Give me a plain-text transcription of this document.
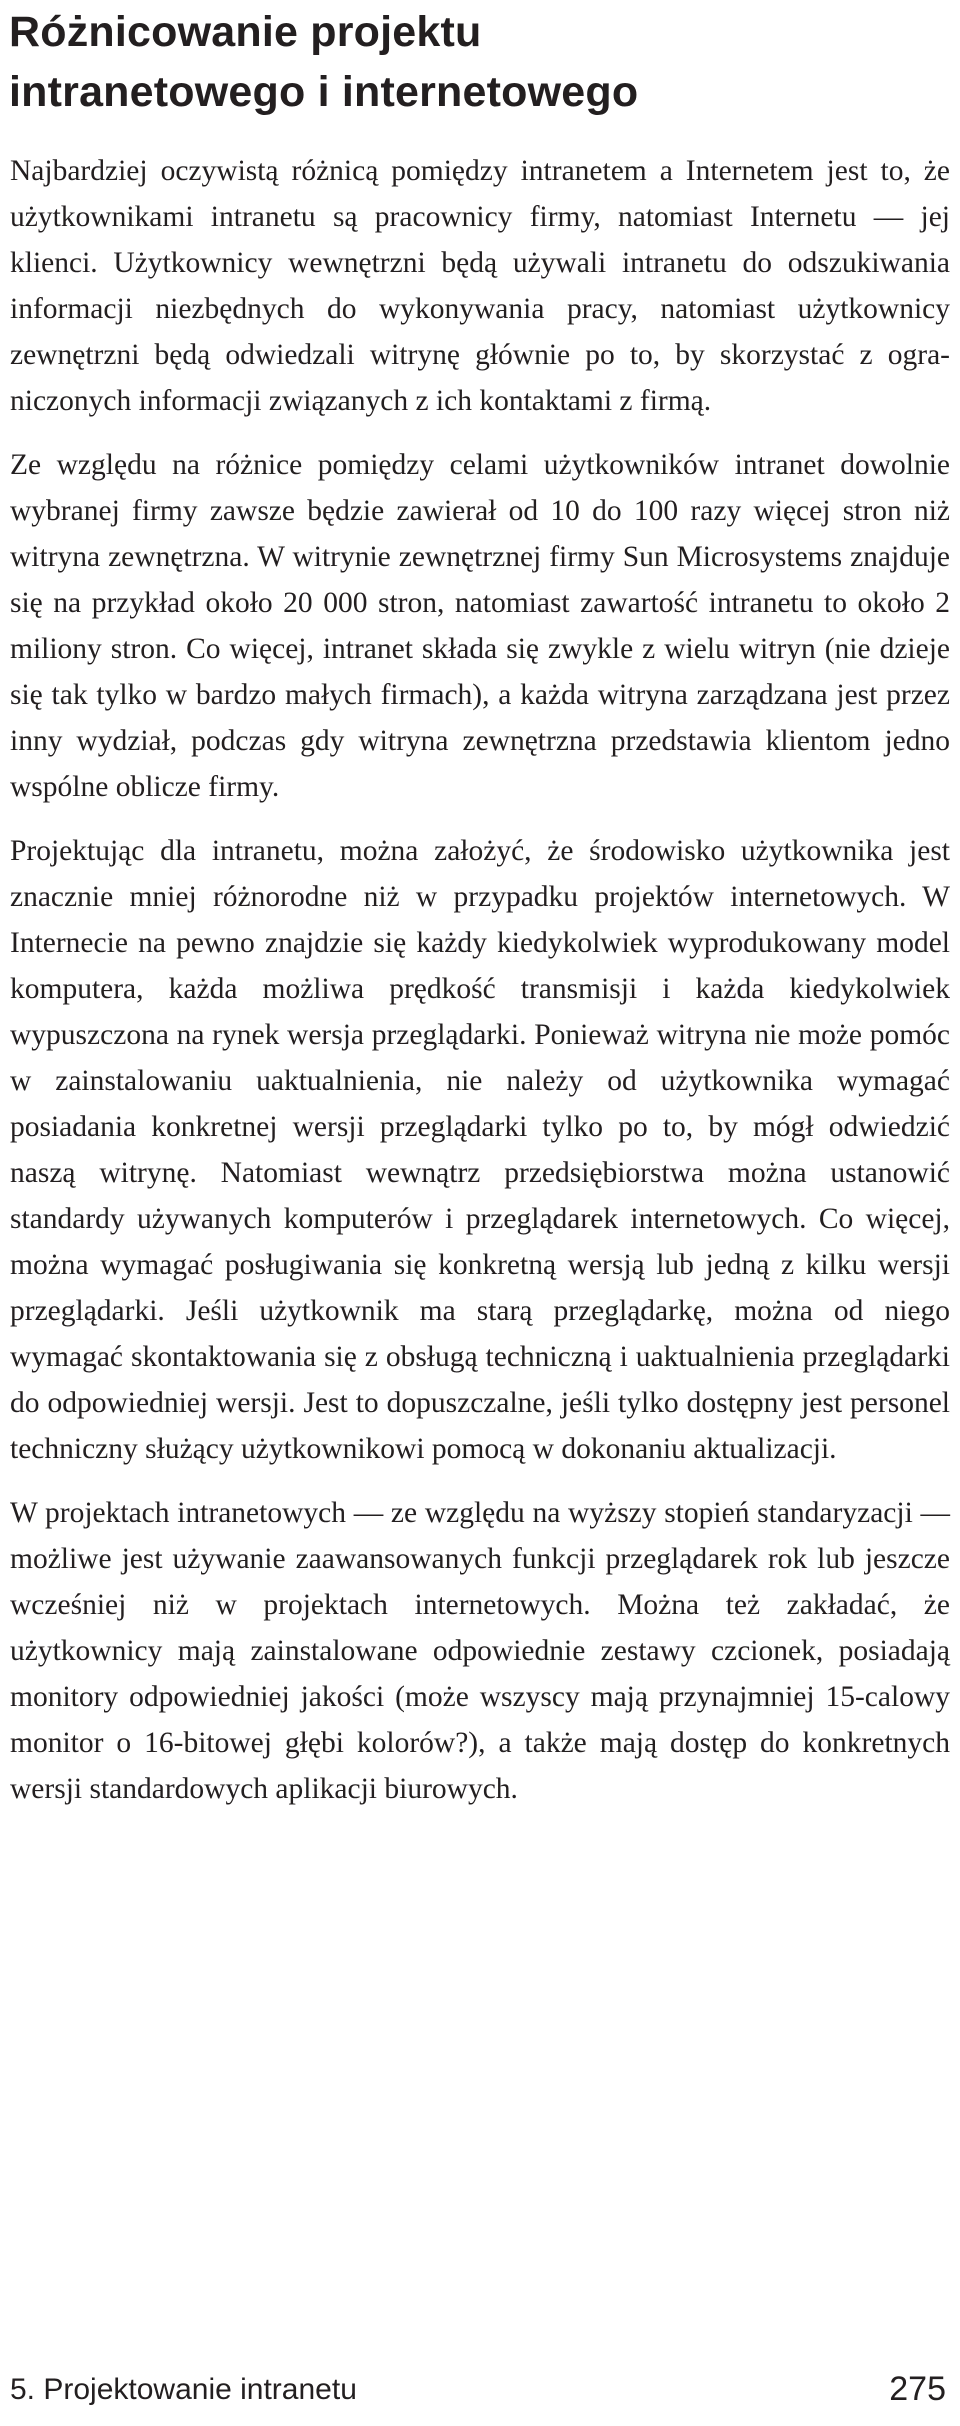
Różnicowanie projektu
intranetowego i internetowego

Najbardziej oczywistą różnicą pomiędzy intranetem a Internetem jest to, że użytkownikami intranetu są pracownicy firmy, natomiast Internetu — jej klienci. Użytkownicy wewnętrzni będą używali intranetu do odszukiwania informacji niezbędnych do wykonywania pracy, natomiast użytkownicy zewnętrzni będą odwiedzali witrynę głównie po to, by skorzystać z ograniczonych informacji związanych z ich kontaktami z firmą.

Ze względu na różnice pomiędzy celami użytkowników intranet dowolnie wybranej firmy zawsze będzie zawierał od 10 do 100 razy więcej stron niż witryna zewnętrzna. W witrynie zewnętrznej firmy Sun Microsystems znajduje się na przykład około 20 000 stron, natomiast zawartość intranetu to około 2 miliony stron. Co więcej, intranet składa się zwykle z wielu witryn (nie dzieje się tak tylko w bardzo małych firmach), a każda witryna zarządzana jest przez inny wydział, podczas gdy witryna zewnętrzna przedstawia klientom jedno wspólne oblicze firmy.

Projektując dla intranetu, można założyć, że środowisko użytkownika jest znacznie mniej różnorodne niż w przypadku projektów internetowych. W Internecie na pewno znajdzie się każdy kiedykolwiek wyprodukowany model komputera, każda możliwa prędkość transmisji i każda kiedykolwiek wypuszczona na rynek wersja przeglądarki. Ponieważ witryna nie może pomóc w zainstalowaniu uaktualnienia, nie należy od użytkownika wymagać posiadania konkretnej wersji przeglądarki tylko po to, by mógł odwiedzić naszą witrynę. Natomiast wewnątrz przedsiębiorstwa można ustanowić standardy używanych komputerów i przeglądarek internetowych. Co więcej, można wymagać posługiwania się konkretną wersją lub jedną z kilku wersji przeglądarki. Jeśli użytkownik ma starą przeglądarkę, można od niego wymagać skontaktowania się z obsługą techniczną i uaktualnienia przeglądarki do odpowiedniej wersji. Jest to dopuszczalne, jeśli tylko dostępny jest personel techniczny służący użytkownikowi pomocą w dokonaniu aktualizacji.

W projektach intranetowych — ze względu na wyższy stopień standaryzacji — możliwe jest używanie zaawansowanych funkcji przeglądarek rok lub jeszcze wcześniej niż w projektach internetowych. Można też zakładać, że użytkownicy mają zainstalowane odpowiednie zestawy czcionek, posiadają monitory odpowiedniej jakości (może wszyscy mają przynajmniej 15-calowy monitor o 16-bitowej głębi kolorów?), a także mają dostęp do konkretnych wersji standardowych aplikacji biurowych.

5. Projektowanie intranetu	275
